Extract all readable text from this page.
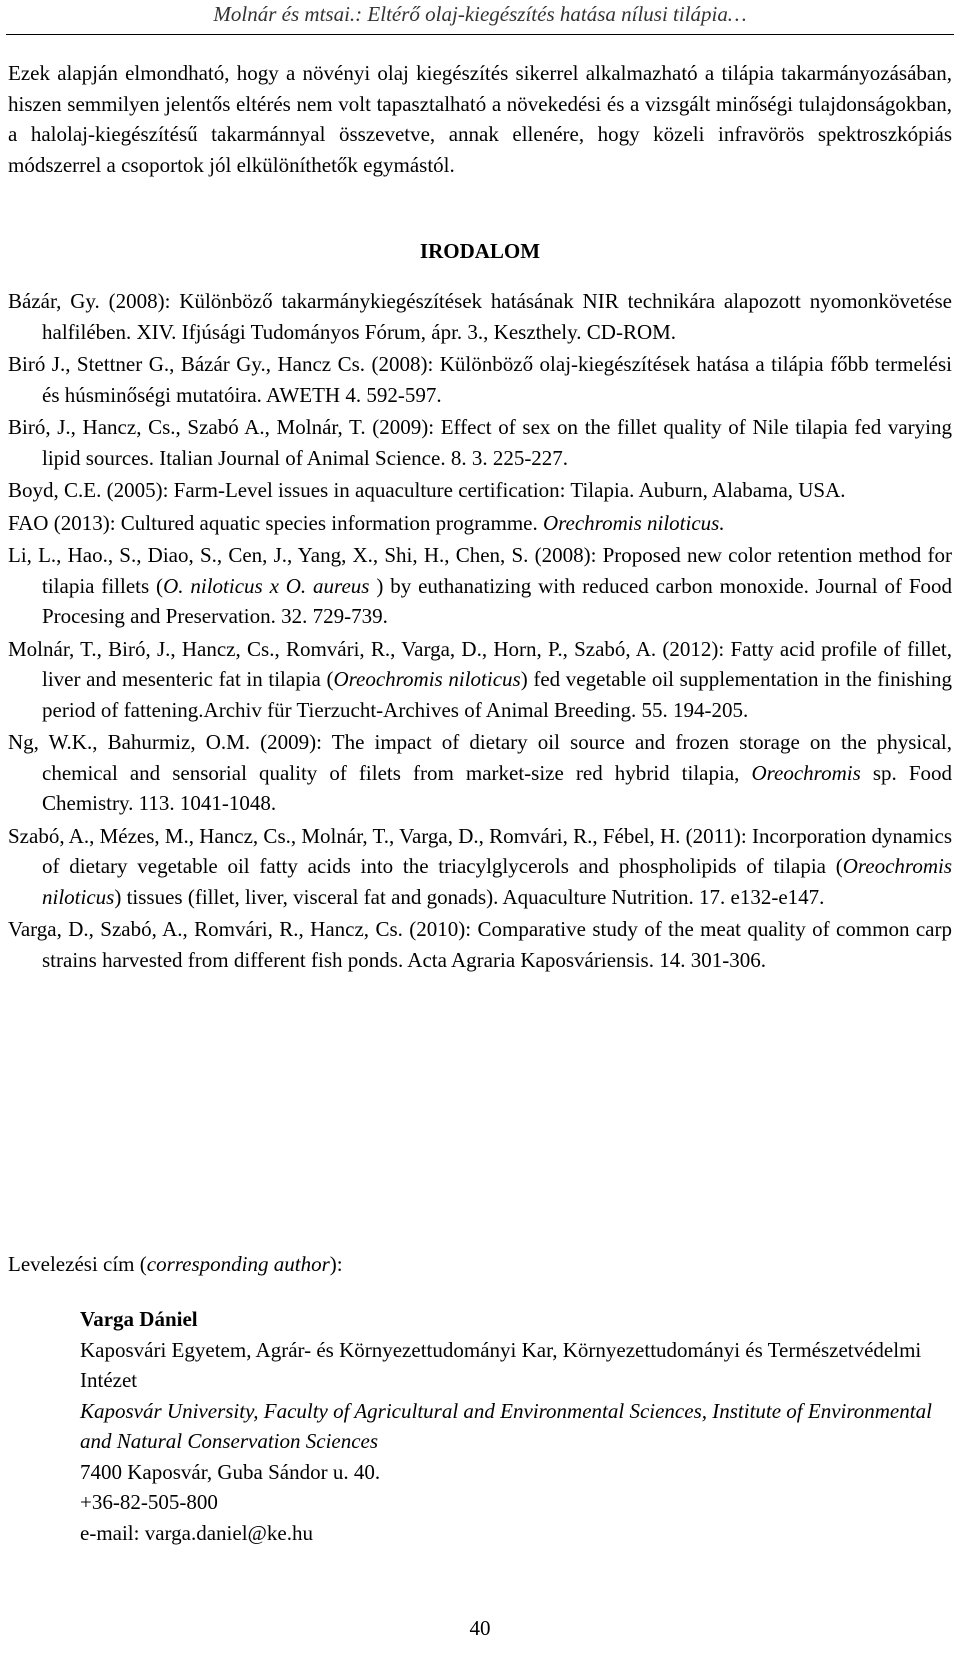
Molnár és mtsai.: Eltérő olaj-kiegészítés hatása nílusi tilápia…
Ezek alapján elmondható, hogy a növényi olaj kiegészítés sikerrel alkalmazható a tilápia takarmányozásában, hiszen semmilyen jelentős eltérés nem volt tapasztalható a növekedési és a vizsgált minőségi tulajdonságokban, a halolaj-kiegészítésű takarmánnyal összevetve, annak ellenére, hogy közeli infravörös spektroszkópiás módszerrel a csoportok jól elkülöníthetők egymástól.
IRODALOM

Bázár, Gy. (2008): Különböző takarmánykiegészítések hatásának NIR technikára alapozott nyomonkövetése halfilében. XIV. Ifjúsági Tudományos Fórum, ápr. 3., Keszthely. CD-ROM.

Biró J., Stettner G., Bázár Gy., Hancz Cs. (2008): Különböző olaj-kiegészítések hatása a tilápia főbb termelési és húsminőségi mutatóira. AWETH 4. 592-597.

Biró, J., Hancz, Cs., Szabó A., Molnár, T. (2009): Effect of sex on the fillet quality of Nile tilapia fed varying lipid sources. Italian Journal of Animal Science. 8. 3. 225-227.

Boyd, C.E. (2005): Farm-Level issues in aquaculture certification: Tilapia. Auburn, Alabama, USA.

FAO (2013): Cultured aquatic species information programme. Orechromis niloticus.

Li, L., Hao., S., Diao, S., Cen, J., Yang, X., Shi, H., Chen, S. (2008): Proposed new color retention method for tilapia fillets (O. niloticus x O. aureus ) by euthanatizing with reduced carbon monoxide. Journal of Food Procesing and Preservation. 32. 729-739.

Molnár, T., Biró, J., Hancz, Cs., Romvári, R., Varga, D., Horn, P., Szabó, A. (2012): Fatty acid profile of fillet, liver and mesenteric fat in tilapia (Oreochromis niloticus) fed vegetable oil supplementation in the finishing period of fattening.Archiv für Tierzucht-Archives of Animal Breeding. 55. 194-205.

Ng, W.K., Bahurmiz, O.M. (2009): The impact of dietary oil source and frozen storage on the physical, chemical and sensorial quality of filets from market-size red hybrid tilapia, Oreochromis sp. Food Chemistry. 113. 1041-1048.

Szabó, A., Mézes, M., Hancz, Cs., Molnár, T., Varga, D., Romvári, R., Fébel, H. (2011): Incorporation dynamics of dietary vegetable oil fatty acids into the triacylglycerols and phospholipids of tilapia (Oreochromis niloticus) tissues (fillet, liver, visceral fat and gonads). Aquaculture Nutrition. 17. e132-e147.

Varga, D., Szabó, A., Romvári, R., Hancz, Cs. (2010): Comparative study of the meat quality of common carp strains harvested from different fish ponds. Acta Agraria Kaposváriensis. 14. 301-306.

Levelezési cím (corresponding author):
Varga Dániel
Kaposvári Egyetem, Agrár- és Környezettudományi Kar, Környezettudományi és Természetvédelmi Intézet
Kaposvár University, Faculty of Agricultural and Environmental Sciences, Institute of Environmental and Natural Conservation Sciences
7400 Kaposvár, Guba Sándor u. 40.
+36-82-505-800
e-mail: varga.daniel@ke.hu
40
